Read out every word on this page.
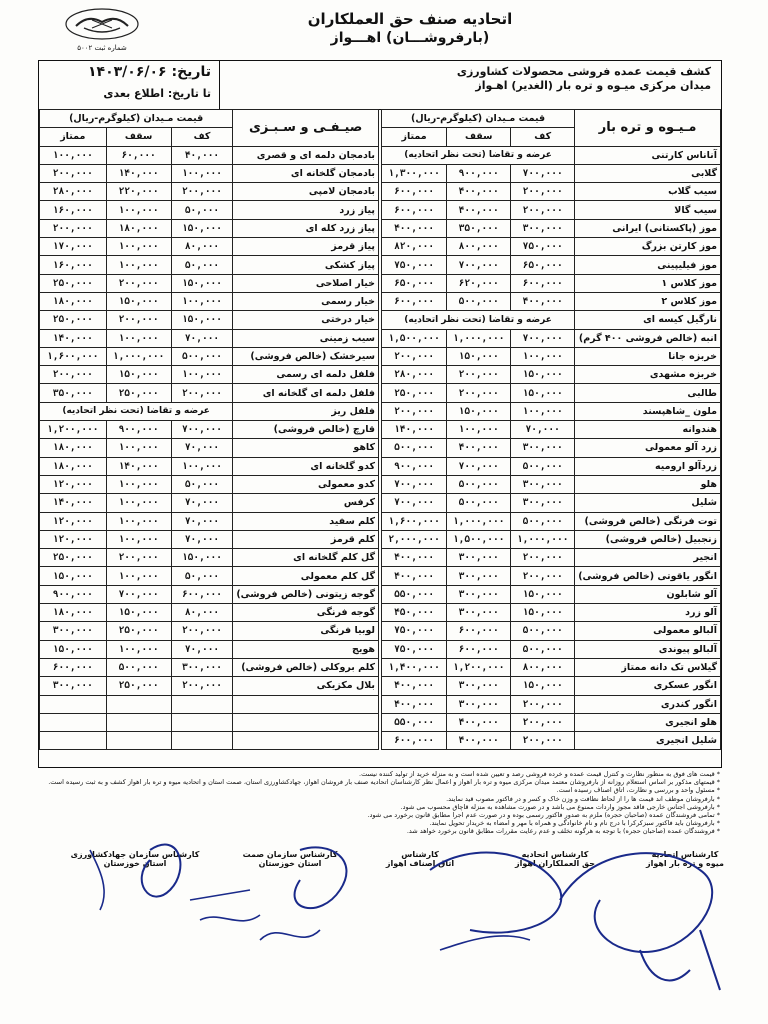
شماره ثبت ۵۰۰۲
اتحادیه صنف حق العملکاران
(بارفروشـــان) اهـــواز
تاریخ: ۱۴۰۳/۰۶/۰۶
تا تاریخ: اطلاع بعدی
کشف قیمت عمده فروشی محصولات کشاورزی
میدان مرکزی میـوه و تره بار (الغدیر) اهـواز
مـیـوه و تره بار	قیمت مـیدان (کیلوگرم-ریال)		
	کف	سقف	ممتاز
آناناس کارتنی	عرضه و تقاضا (تحت نظر اتحادیه)		
گلابی	۷۰۰,۰۰۰	۹۰۰,۰۰۰	۱,۳۰۰,۰۰۰
سیب گلاب	۲۰۰,۰۰۰	۴۰۰,۰۰۰	۶۰۰,۰۰۰
سیب گالا	۲۰۰,۰۰۰	۴۰۰,۰۰۰	۶۰۰,۰۰۰
موز (پاکستانی) ایرانی	۳۰۰,۰۰۰	۳۵۰,۰۰۰	۴۰۰,۰۰۰
موز کارتن بزرگ	۷۵۰,۰۰۰	۸۰۰,۰۰۰	۸۲۰,۰۰۰
موز فیلیپینی	۶۵۰,۰۰۰	۷۰۰,۰۰۰	۷۵۰,۰۰۰
موز کلاس ۱	۶۰۰,۰۰۰	۶۲۰,۰۰۰	۶۵۰,۰۰۰
موز کلاس ۲	۴۰۰,۰۰۰	۵۰۰,۰۰۰	۶۰۰,۰۰۰
نارگیل کیسه ای	عرضه و تقاضا (تحت نظر اتحادیه)		
انبه (خالص فروشی ۴۰۰ گرم)	۷۰۰,۰۰۰	۱,۰۰۰,۰۰۰	۱,۵۰۰,۰۰۰
خربزه جانا	۱۰۰,۰۰۰	۱۵۰,۰۰۰	۲۰۰,۰۰۰
خربزه مشهدی	۱۵۰,۰۰۰	۲۰۰,۰۰۰	۲۸۰,۰۰۰
طالبی	۱۵۰,۰۰۰	۲۰۰,۰۰۰	۲۵۰,۰۰۰
ملون _شاهپسند	۱۰۰,۰۰۰	۱۵۰,۰۰۰	۲۰۰,۰۰۰
هندوانه	۷۰,۰۰۰	۱۰۰,۰۰۰	۱۴۰,۰۰۰
زرد آلو معمولی	۳۰۰,۰۰۰	۴۰۰,۰۰۰	۵۰۰,۰۰۰
زردآلو ارومیه	۵۰۰,۰۰۰	۷۰۰,۰۰۰	۹۰۰,۰۰۰
هلو	۳۰۰,۰۰۰	۵۰۰,۰۰۰	۷۰۰,۰۰۰
شلیل	۳۰۰,۰۰۰	۵۰۰,۰۰۰	۷۰۰,۰۰۰
توت فرنگی (خالص فروشی)	۵۰۰,۰۰۰	۱,۰۰۰,۰۰۰	۱,۶۰۰,۰۰۰
زنجبیل (خالص فروشی)	۱,۰۰۰,۰۰۰	۱,۵۰۰,۰۰۰	۲,۰۰۰,۰۰۰
انجیر	۲۰۰,۰۰۰	۳۰۰,۰۰۰	۴۰۰,۰۰۰
انگور یاقوتی (خالص فروشی)	۲۰۰,۰۰۰	۳۰۰,۰۰۰	۴۰۰,۰۰۰
آلو شابلون	۱۵۰,۰۰۰	۳۰۰,۰۰۰	۵۵۰,۰۰۰
آلو زرد	۱۵۰,۰۰۰	۳۰۰,۰۰۰	۴۵۰,۰۰۰
آلبالو معمولی	۵۰۰,۰۰۰	۶۰۰,۰۰۰	۷۵۰,۰۰۰
آلبالو پیوندی	۵۰۰,۰۰۰	۶۰۰,۰۰۰	۷۵۰,۰۰۰
گیلاس تک دانه ممتاز	۸۰۰,۰۰۰	۱,۲۰۰,۰۰۰	۱,۴۰۰,۰۰۰
انگور عسکری	۱۵۰,۰۰۰	۳۰۰,۰۰۰	۴۰۰,۰۰۰
انگور کندری	۲۰۰,۰۰۰	۳۰۰,۰۰۰	۴۰۰,۰۰۰
هلو انجیری	۲۰۰,۰۰۰	۴۰۰,۰۰۰	۵۵۰,۰۰۰
شلیل انجیری	۲۰۰,۰۰۰	۴۰۰,۰۰۰	۶۰۰,۰۰۰
صیـفـی و سـبـزی	قیمت مـیدان (کیلوگرم-ریال)		
	کف	سقف	ممتاز
بادمجان دلمه ای و قصری	۴۰,۰۰۰	۶۰,۰۰۰	۱۰۰,۰۰۰
بادمجان گلخانه ای	۱۰۰,۰۰۰	۱۴۰,۰۰۰	۲۰۰,۰۰۰
بادمجان لامپی	۲۰۰,۰۰۰	۲۲۰,۰۰۰	۲۸۰,۰۰۰
پیاز زرد	۵۰,۰۰۰	۱۰۰,۰۰۰	۱۶۰,۰۰۰
پیاز زرد کله ای	۱۵۰,۰۰۰	۱۸۰,۰۰۰	۲۰۰,۰۰۰
پیاز قرمز	۸۰,۰۰۰	۱۰۰,۰۰۰	۱۷۰,۰۰۰
پیاز کشکی	۵۰,۰۰۰	۱۰۰,۰۰۰	۱۶۰,۰۰۰
خیار اصلاحی	۱۵۰,۰۰۰	۲۰۰,۰۰۰	۲۵۰,۰۰۰
خیار رسمی	۱۰۰,۰۰۰	۱۵۰,۰۰۰	۱۸۰,۰۰۰
خیار درختی	۱۵۰,۰۰۰	۲۰۰,۰۰۰	۲۵۰,۰۰۰
سیب زمینی	۷۰,۰۰۰	۱۰۰,۰۰۰	۱۴۰,۰۰۰
سیرخشک (خالص فروشی)	۵۰۰,۰۰۰	۱,۰۰۰,۰۰۰	۱,۶۰۰,۰۰۰
فلفل دلمه ای رسمی	۱۰۰,۰۰۰	۱۵۰,۰۰۰	۲۰۰,۰۰۰
فلفل دلمه ای گلخانه ای	۲۰۰,۰۰۰	۲۵۰,۰۰۰	۳۵۰,۰۰۰
فلفل ریز	عرضه و تقاضا (تحت نظر اتحادیه)		
قارچ (خالص فروشی)	۷۰۰,۰۰۰	۹۰۰,۰۰۰	۱,۲۰۰,۰۰۰
کاهو	۷۰,۰۰۰	۱۰۰,۰۰۰	۱۸۰,۰۰۰
کدو گلخانه ای	۱۰۰,۰۰۰	۱۴۰,۰۰۰	۱۸۰,۰۰۰
کدو معمولی	۵۰,۰۰۰	۱۰۰,۰۰۰	۱۲۰,۰۰۰
کرفس	۷۰,۰۰۰	۱۰۰,۰۰۰	۱۴۰,۰۰۰
کلم سفید	۷۰,۰۰۰	۱۰۰,۰۰۰	۱۲۰,۰۰۰
کلم قرمز	۷۰,۰۰۰	۱۰۰,۰۰۰	۱۲۰,۰۰۰
گل کلم گلخانه ای	۱۵۰,۰۰۰	۲۰۰,۰۰۰	۲۵۰,۰۰۰
گل کلم معمولی	۵۰,۰۰۰	۱۰۰,۰۰۰	۱۵۰,۰۰۰
گوجه زیتونی (خالص فروشی)	۶۰۰,۰۰۰	۷۰۰,۰۰۰	۹۰۰,۰۰۰
گوجه فرنگی	۸۰,۰۰۰	۱۵۰,۰۰۰	۱۸۰,۰۰۰
لوبیا فرنگی	۲۰۰,۰۰۰	۲۵۰,۰۰۰	۳۰۰,۰۰۰
هویج	۷۰,۰۰۰	۱۰۰,۰۰۰	۱۵۰,۰۰۰
کلم بروکلی (خالص فروشی)	۳۰۰,۰۰۰	۵۰۰,۰۰۰	۶۰۰,۰۰۰
بلال مکزیکی	۲۰۰,۰۰۰	۲۵۰,۰۰۰	۳۰۰,۰۰۰

* قیمت های فوق به منظور نظارت و کنترل قیمت عمده و خرده فروشی رصد و تعیین شده است و به منزله خرید از تولید کننده نیست.
* قیمتهای مذکور بر اساس استعلام روزانه از بارفروشان معتمد میدان مرکزی میوه و تره بار اهواز و اعمال نظر کارشناسان اتحادیه صنف بار فروشان اهواز، جهادکشاورزی استان، صمت استان و اتحادیه میوه و تره بار اهواز کشف و به ثبت رسیده است.
* مسئول واحد و بررسی و نظارت، اتاق اصناف رسیده است.
* بارفروشان موظف اند قیمت ها را از لحاظ نظافت و وزن خاک و کسر و در فاکتور مصوب قید نمایند.
* بارفروشی اجناس خارجی فاقد مجوز واردات ممنوع می باشد و در صورت مشاهده به منزله قاچاق محسوب می شود.
* تمامی فروشندگان عمده (صاحبان حجره) ملزم به صدور فاکتور رسمی بوده و در صورت عدم اجرا مطابق قانون برخورد می شود.
* بارفروشان باید فاکتور سبزکرکرا با درج نام و نام خانوادگی و همراه با مهر و امضاء به خریدار تحویل نمایند.
* فروشندگان عمده (صاحبان حجره) با توجه به هرگونه تخلف و عدم رعایت مقررات مطابق قانون برخورد خواهد شد.
کارشناس اتحادیه
میوه و تره بار اهواز
کارشناس اتحادیه
حق العملکاران اهواز
کارشناس
اتاق اصناف اهواز
کارشناس سازمان صمت
استان خوزستان
کارشناس سازمان جهادکشاورزی
استان خوزستان
